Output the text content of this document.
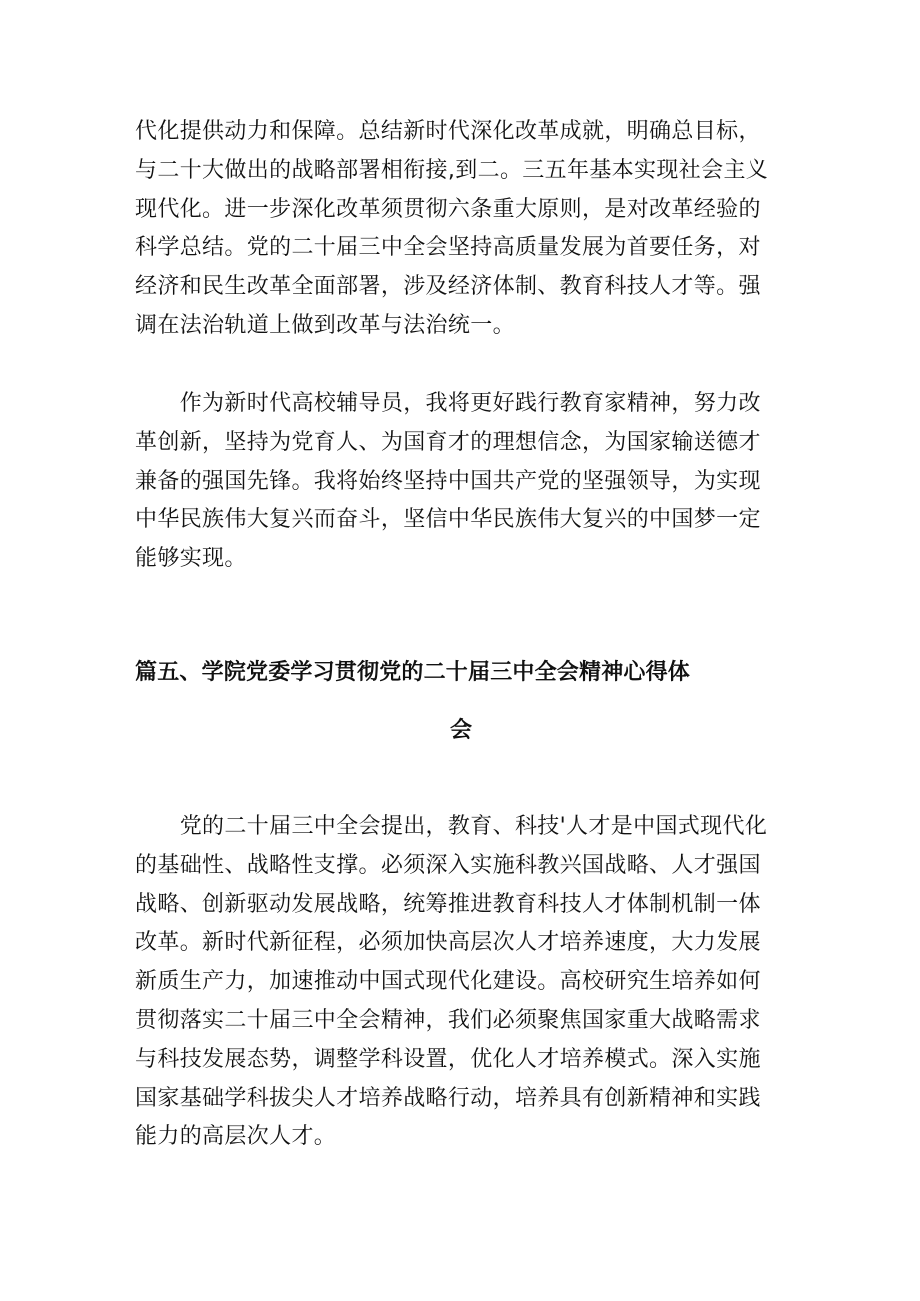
代化提供动力和保障。总结新时代深化改革成就，明确总目标，
与二十大做出的战略部署相衔接,到二。三五年基本实现社会主义
现代化。进一步深化改革须贯彻六条重大原则，是对改革经验的
科学总结。党的二十届三中全会坚持高质量发展为首要任务，对
经济和民生改革全面部署，涉及经济体制、教育科技人才等。强
调在法治轨道上做到改革与法治统一。

　　作为新时代高校辅导员，我将更好践行教育家精神，努力改
革创新，坚持为党育人、为国育才的理想信念，为国家输送德才
兼备的强国先锋。我将始终坚持中国共产党的坚强领导，为实现
中华民族伟大复兴而奋斗，坚信中华民族伟大复兴的中国梦一定
能够实现。

篇五、学院党委学习贯彻党的二十届三中全会精神心得体
会

　　党的二十届三中全会提出，教育、科技'人才是中国式现代化
的基础性、战略性支撑。必须深入实施科教兴国战略、人才强国
战略、创新驱动发展战略，统筹推进教育科技人才体制机制一体
改革。新时代新征程，必须加快高层次人才培养速度，大力发展
新质生产力，加速推动中国式现代化建设。高校研究生培养如何
贯彻落实二十届三中全会精神，我们必须聚焦国家重大战略需求
与科技发展态势，调整学科设置，优化人才培养模式。深入实施
国家基础学科拔尖人才培养战略行动，培养具有创新精神和实践
能力的高层次人才。
